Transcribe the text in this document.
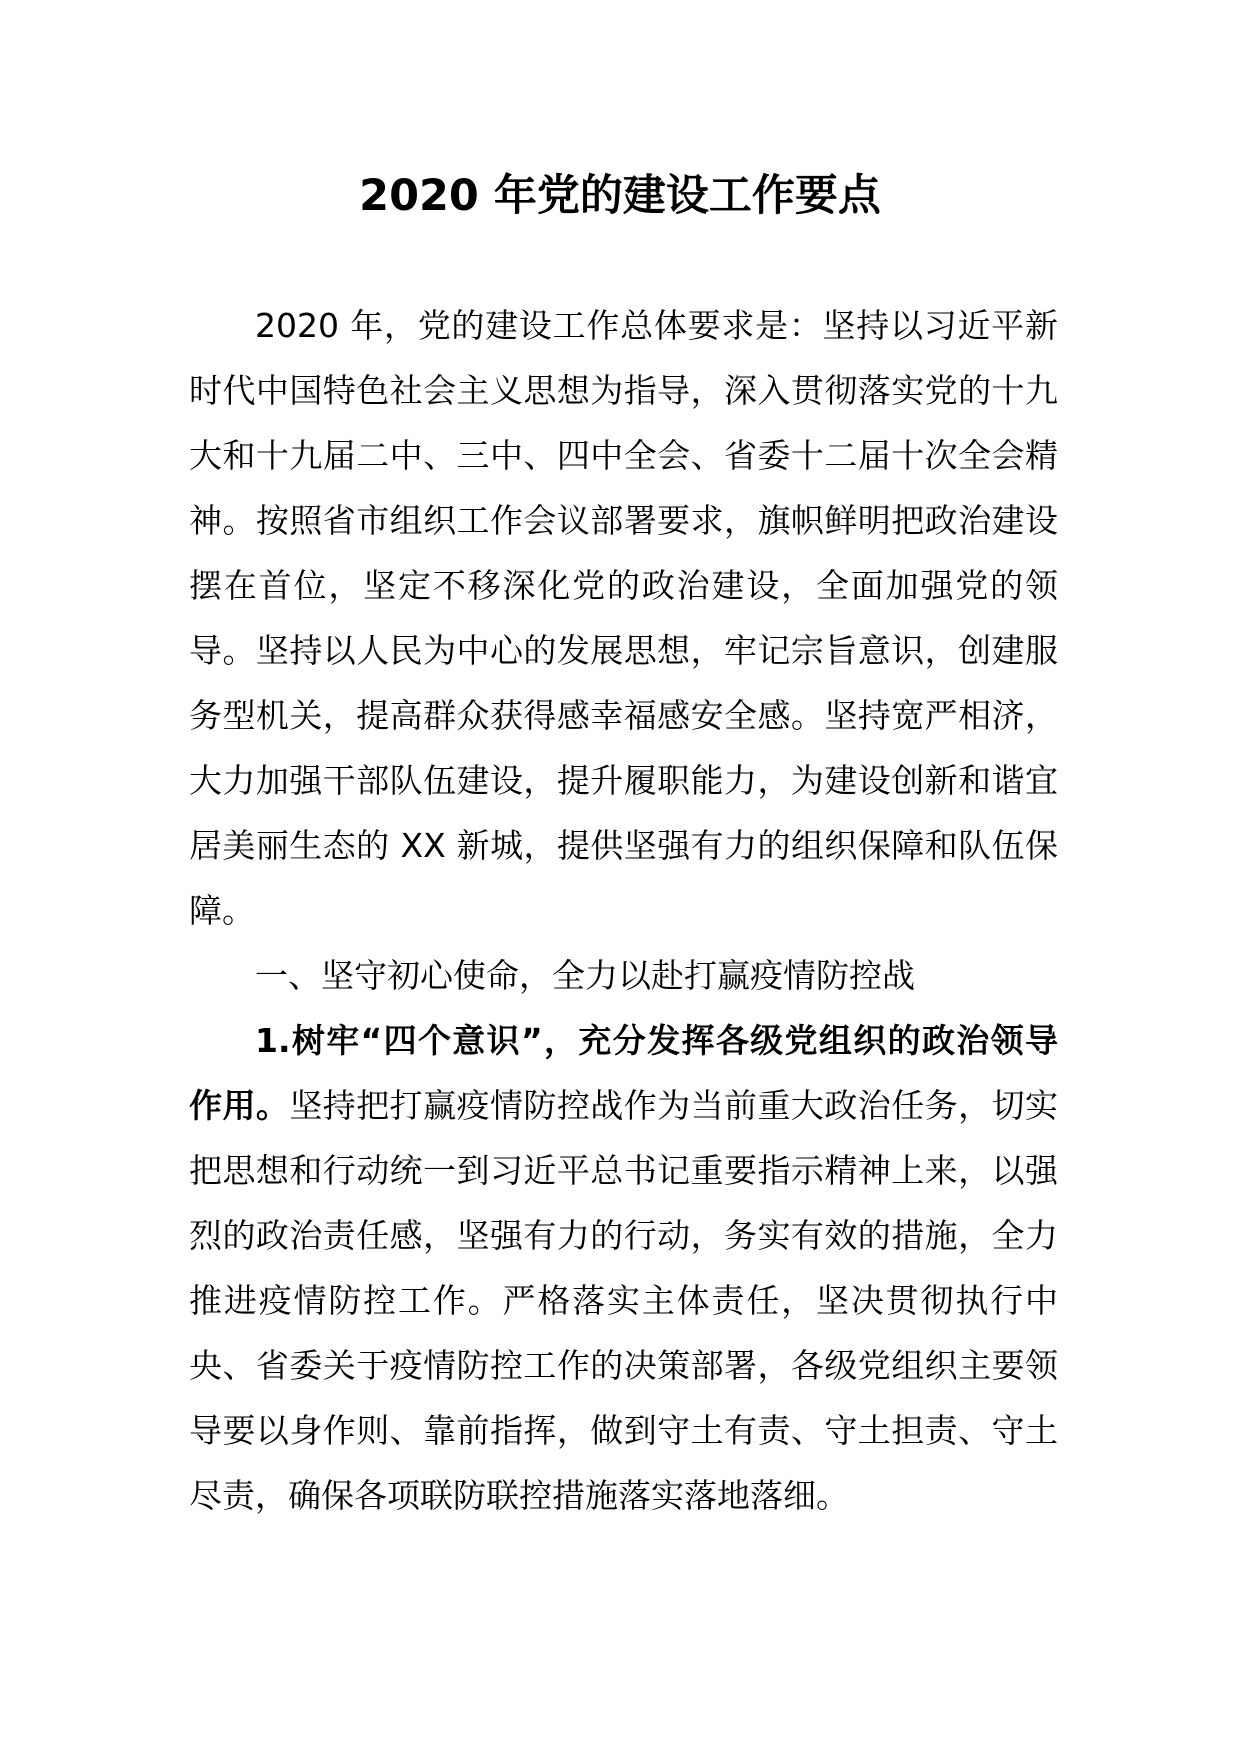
2020 年党的建设工作要点

2020 年，党的建设工作总体要求是：坚持以习近平新时代中国特色社会主义思想为指导，深入贯彻落实党的十九大和十九届二中、三中、四中全会、省委十二届十次全会精神。按照省市组织工作会议部署要求，旗帜鲜明把政治建设摆在首位，坚定不移深化党的政治建设，全面加强党的领导。坚持以人民为中心的发展思想，牢记宗旨意识，创建服务型机关，提高群众获得感幸福感安全感。坚持宽严相济，大力加强干部队伍建设，提升履职能力，为建设创新和谐宜居美丽生态的 XX 新城，提供坚强有力的组织保障和队伍保障。

一、坚守初心使命，全力以赴打赢疫情防控战

1.树牢“四个意识”，充分发挥各级党组织的政治领导作用。坚持把打赢疫情防控战作为当前重大政治任务，切实把思想和行动统一到习近平总书记重要指示精神上来，以强烈的政治责任感，坚强有力的行动，务实有效的措施，全力推进疫情防控工作。严格落实主体责任，坚决贯彻执行中央、省委关于疫情防控工作的决策部署，各级党组织主要领导要以身作则、靠前指挥，做到守土有责、守土担责、守土尽责，确保各项联防联控措施落实落地落细。
